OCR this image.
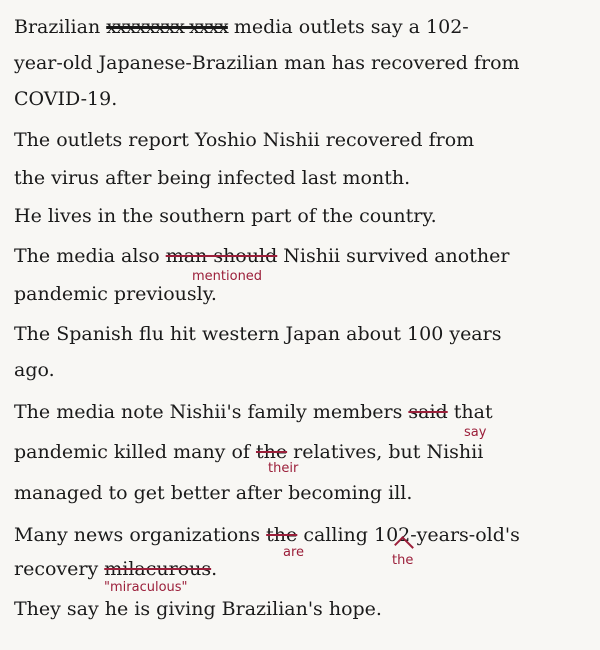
Brazilian xxxxxxxx xxxx media outlets say a 102-
year-old Japanese-Brazilian man has recovered from
COVID-19.
The outlets report Yoshio Nishii recovered from
the virus after being infected last month.
He lives in the southern part of the country.
The media also man should Nishii survived another
mentioned
pandemic previously.
The Spanish flu hit western Japan about 100 years
ago.
The media note Nishii's family members said that
say
pandemic killed many of the relatives, but Nishii
their
managed to get better after becoming ill.
Many news organizations the calling 102-years-old's
are
the
recovery milacurous.
"miraculous"
They say he is giving Brazilian's hope.
